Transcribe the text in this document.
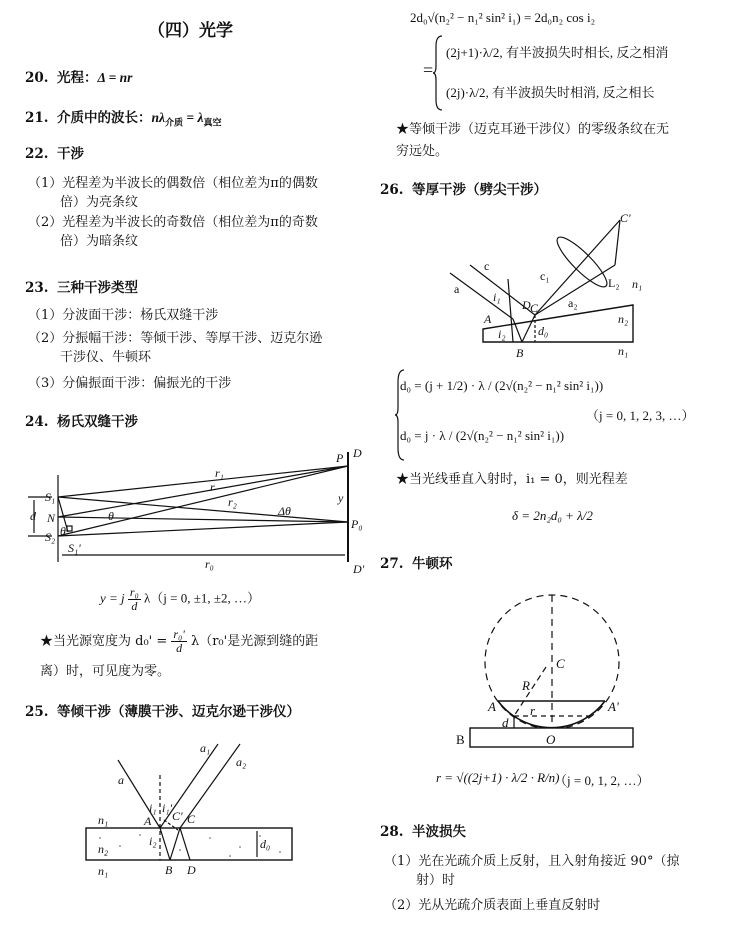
（四）光学
20. 光程：Δ = nr
21. 介质中的波长：$n\lambda_{介质} = \lambda_{真空}$
22. 干涉
（1）光程差为半波长的偶数倍（相位差为π的偶数
倍）为亮条纹
（2）光程差为半波长的奇数倍（相位差为π的奇数
倍）为暗条纹
23. 三种干涉类型
（1）分波面干涉：杨氏双缝干涉
（2）分振幅干涉：等倾干涉、等厚干涉、迈克尔逊
干涉仪、牛顿环
（3）分偏振面干涉：偏振光的干涉
24. 杨氏双缝干涉
S₁
S₂
N
d
θ
θ
S₁'
P D
D'
P₀
y
r₁
r
r₂
Δθ
r₀
y = j $\frac{\text{r₀}}{d} \lambda(j = 0$, ±1, ±2, …）
★当光源宽度为 $d_0' = \frac{\text{r₀'}}{d} \lambda(r_0'$是光源到缝的距
离）时，可见度为零。
25. 等倾干涉（薄膜干涉、迈克尔逊干涉仪）
a
a₁
a₂
i₁ i₁'
i₂
A C' C
n₁
n₂
n₁	B D
d₀
2d₀√(n₂² − n₁² sin² i₁) = 2d₀n₂ cos i₂
=
(2j+1)·λ/2, 有半波损失时相长, 反之相消
(2j)·λ/2, 有半波损失时相消, 反之相长
★等倾干涉（迈克耳逊干涉仪）的零级条纹在无
穷远处。
26. 等厚干涉（劈尖干涉）
a
c
c₁
a₂
C'
L₂ n₁
n₂
n₁
A
D C
i₁
i₂
B
d₀
d₀ = (j + 1/2) · λ / (2√(n₂² − n₁² sin² i₁))
d₀ = j · λ / (2√(n₂² − n₁² sin² i₁))
（j = 0, 1, 2, 3, …）
★当光线垂直入射时，i₁ = 0，则光程差
δ = 2n₂d₀ + λ/2
27. 牛顿环
C
R
A	A'
r
d
B	O
r = √((2j+1) · λ/2 · R/n)
（j = 0, 1, 2, …）
28. 半波损失
（1）光在光疏介质上反射，且入射角接近 90°（掠
射）时
（2）光从光疏介质表面上垂直反射时
